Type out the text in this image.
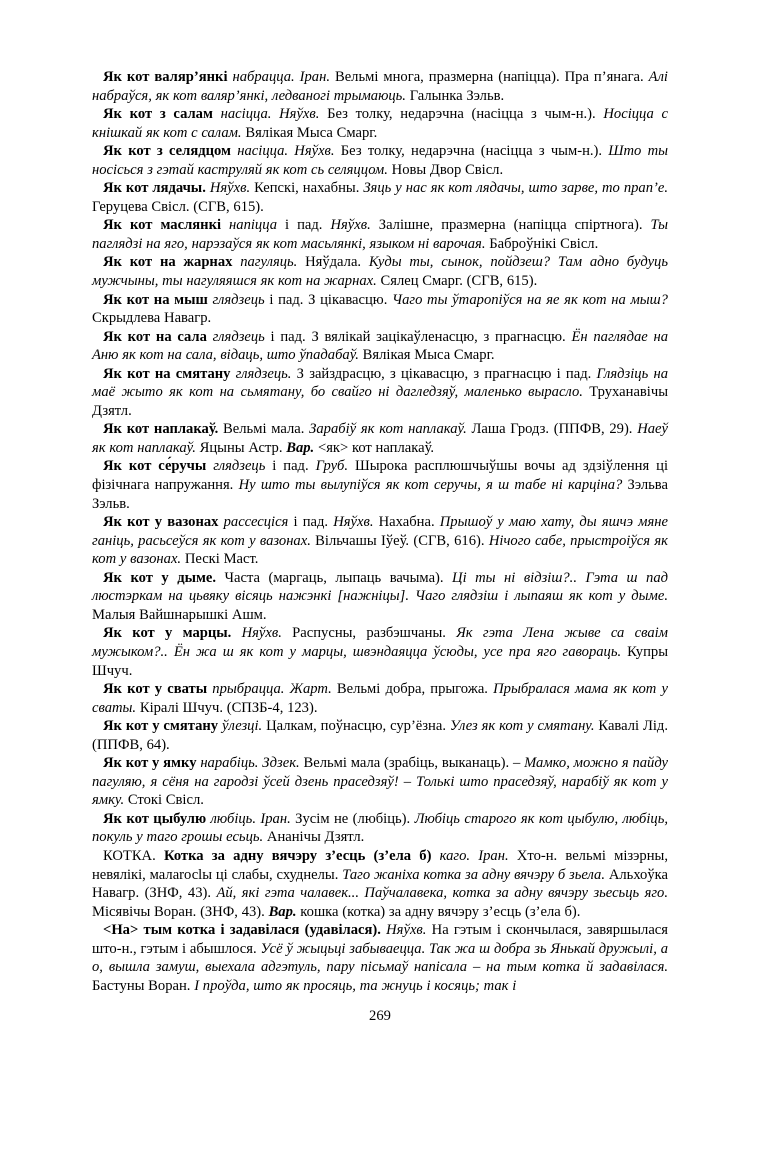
Як кот валяр’янкі набрацца. Іран. Вельмі многа, празмерна (напіцца). Пра п’янага. Алі набраўся, як кот валяр’янкі, ледваногі трымаюць. Галынка Зэльв.

Як кот з салам насіцца. Няўхв. Без толку, недарэчна (насіцца з чым-н.). Носіцца с кнішкай як кот с салам. Вялікая Мыса Смарг.

Як кот з селядцом насіцца. Няўхв. Без толку, недарэчна (насіцца з чым-н.). Што ты носісься з гэтай каструляй як кот сь селяццом. Новы Двор Свісл.

Як кот лядачы. Няўхв. Кепскі, нахабны. Зяць у нас як кот лядачы, што зарве, то прап’е. Геруцева Свісл. (СГВ, 615).

Як кот маслянкі напіцца і пад. Няўхв. Залішне, празмерна (напіцца спіртнога). Ты паглядзі на яго, нарэзаўся як кот масьлянкі, языком ні варочая. Баброўнікі Свісл.

Як кот на жарнах пагуляць. Няўдала. Куды ты, сынок, пойдзеш? Там адно будуць мужчыны, ты нагуляяшся як кот на жарнах. Сялец Смарг. (СГВ, 615).

Як кот на мыш глядзець і пад. З цікавасцю. Чаго ты ўтаропіўся на яе як кот на мыш? Скрыдлева Навагр.

Як кот на сала глядзець і пад. З вялікай зацікаўленасцю, з прагнасцю. Ён паглядае на Аню як кот на сала, відаць, што ўпадабаў. Вялікая Мыса Смарг.

Як кот на смятану глядзець. З зайздрасцю, з цікавасцю, з прагнасцю і пад. Глядзіць на маё жыто як кот на сьмятану, бо свайго ні дагледзяў, маленько вырасло. Труханавічы Дзятл.

Як кот наплакаў. Вельмі мала. Зарабіў як кот наплакаў. Лаша Гродз. (ППФВ, 29). Наеў як кот наплакаў. Яцыны Астр. Вар. <як> кот наплакаў.

Як кот се́ручы глядзець і пад. Груб. Шырока расплюшчыўшы вочы ад здзіўлення ці фізічнага напружання. Ну што ты вылупіўся як кот серучы, я ш табе ні карціна? Зэльва Зэльв.

Як кот у вазонах рассесціся і пад. Няўхв. Нахабна. Прышоў у маю хату, ды яшчэ мяне ганіць, расьсеўся як кот у вазонах. Вільчашы Іўеў. (СГВ, 616). Нічого сабе, прыстроіўся як кот у вазонах. Пескі Маст.

Як кот у дыме. Часта (маргаць, лыпаць вачыма). Ці ты ні відзіш?.. Гэта ш пад люстэркам на цьвяку вісяць нажэнкі [нажніцы]. Чаго глядзіш і лыпаяш як кот у дыме. Малыя Вайшнарышкі Ашм.

Як кот у марцы. Няўхв. Распусны, разбэшчаны. Як гэта Лена жыве са сваім мужыком?.. Ён жа ш як кот у марцы, швэндаяцца ўсюды, усе пра яго гавораць. Купры Шчуч.

Як кот у сваты прыбрацца. Жарт. Вельмі добра, прыгожа. Прыбралася мама як кот у сваты. Кіралі Шчуч. (СПЗБ-4, 123).

Як кот у смятану ўлезці. Цалкам, поўнасцю, сур’ёзна. Улез як кот у смятану. Кавалі Лід. (ППФВ, 64).

Як кот у ямку нарабіць. Здзек. Вельмі мала (зрабіць, выканаць). – Мамко, можно я пайду пагуляю, я сёня на гародзі ўсей дзень праседзяў! – Толькі што праседзяў, нарабіў як кот у ямку. Стокі Свісл.

Як кот цыбулю любіць. Іран. Зусім не (любіць). Любіць старого як кот цыбулю, любіць, покуль у таго грошы есьць. Ананічы Дзятл.

КОТКА. Котка за адну вячэру з’есць (з’ела б) каго. Іран. Хто-н. вельмі мізэрны, невялікі, малаrосlы ці слабы, схуднелы. Таго жаніха котка за адну вячэру б зьела. Альхоўка Навагр. (ЗНФ, 43). Ай, які гэта чалавек... Паўчалавека, котка за адну вячэру зьесьць яго. Місявічы Воран. (ЗНФ, 43). Вар. кошка (котка) за адну вячэру з’есць (з’ела б).

<На> тым котка і задавілася (удавілася). Няўхв. На гэтым і скончылася, завяршылася што-н., гэтым і абышлося. Усё ў жыцьці забываецца. Так жа ш добра зь Янькай дружылі, а о, вышла замуш, выехала адгэтуль, пару пісьмаў напісала – на тым котка й задавілася. Бастуны Воран. І проўда, што як просяць, та жнуць і косяць; так і

269
